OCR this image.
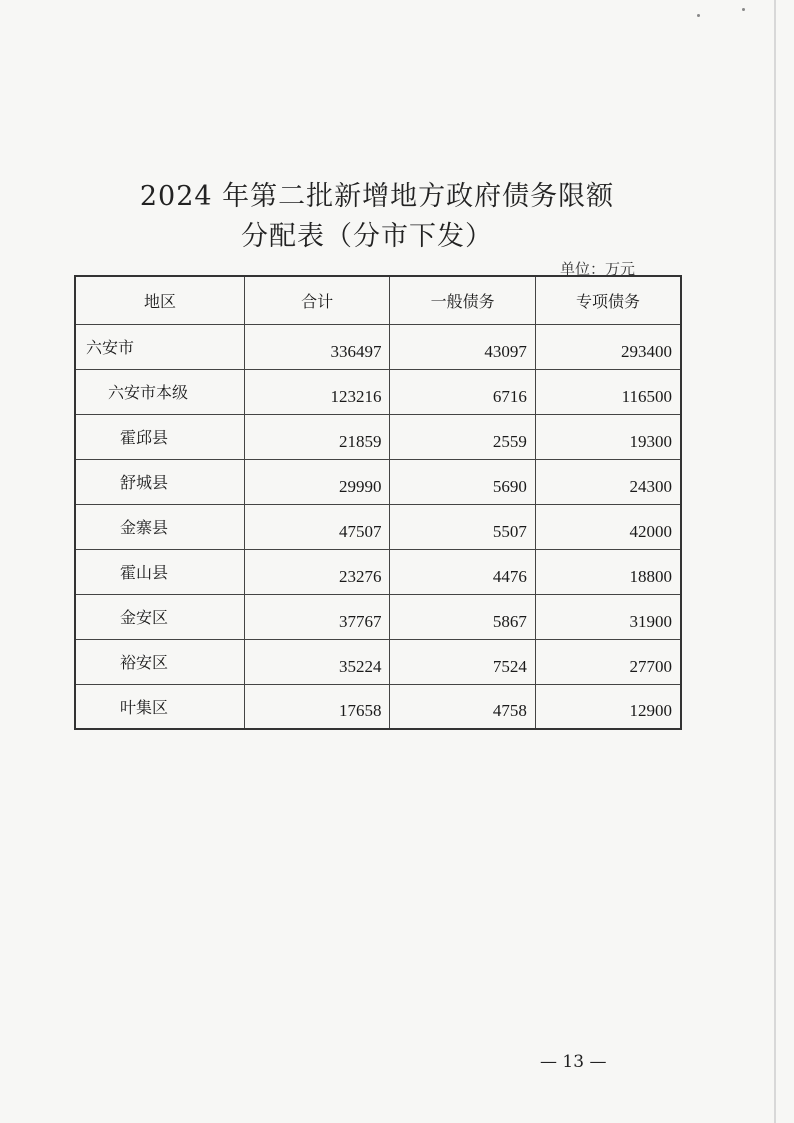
2024 年第二批新增地方政府债务限额
分配表（分市下发）
单位：万元
地区	合计	一般债务	专项债务
六安市	336497	43097	293400
六安市本级	123216	6716	116500
霍邱县	21859	2559	19300
舒城县	29990	5690	24300
金寨县	47507	5507	42000
霍山县	23276	4476	18800
金安区	37767	5867	31900
裕安区	35224	7524	27700
叶集区	17658	4758	12900
— 13 —
